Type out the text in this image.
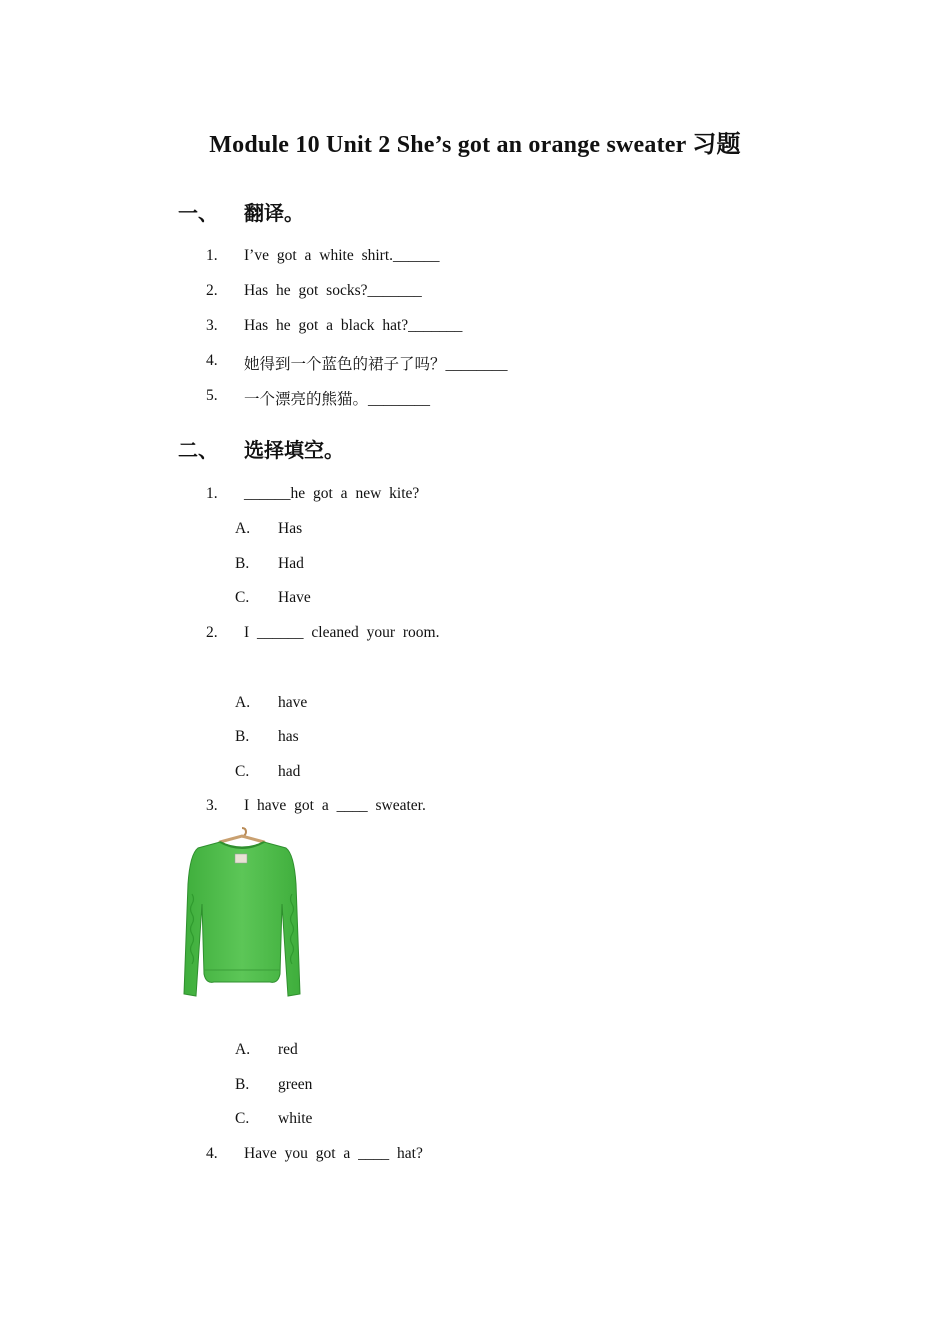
Module 10 Unit 2 She’s got an orange sweater 习题
一、 翻译。
1. I’ve got a white shirt.______
2. Has he got socks?_______
3. Has he got a black hat?_______
4. 她得到一个蓝色的裙子了吗？________
5. 一个漂亮的熊猫。________
二、 选择填空。
1. ______he got a new kite?
A. Has
B. Had
C. Have
2. I ______ cleaned your room.
A. have
B. has
C. had
3. I have got a ____ sweater.
A. red
B. green
C. white
4. Have you got a ____ hat?
